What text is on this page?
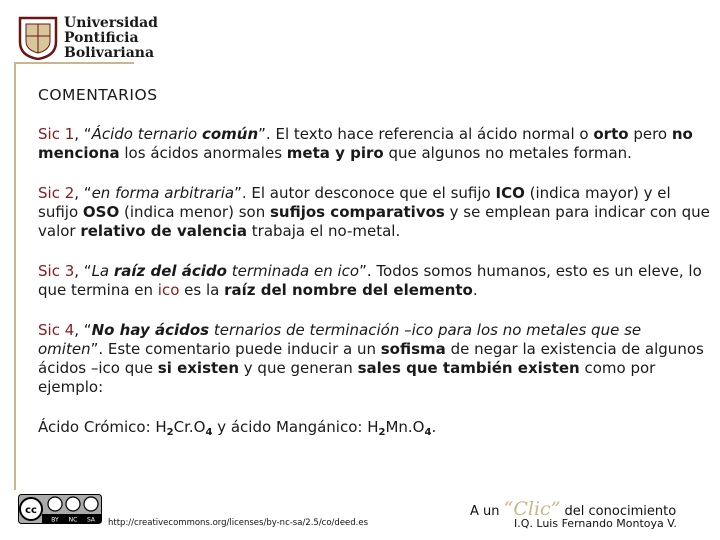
Universidad
Pontificia
Bolivariana
COMENTARIOS

Sic 1, “Ácido ternario común”. El texto hace referencia al ácido normal o orto pero no menciona los ácidos anormales meta y piro que algunos no metales forman.

Sic 2, “en forma arbitraria”. El autor desconoce que el sufijo ICO (indica mayor) y el sufijo OSO (indica menor) son sufijos comparativos y se emplean para indicar con que valor relativo de valencia trabaja el no-metal.

Sic 3, “La raíz del ácido terminada en ico”. Todos somos humanos, esto es un eleve, lo que termina en ico es la raíz del nombre del elemento.

Sic 4, “No hay ácidos ternarios de terminación –ico para los no metales que se omiten”. Este comentario puede inducir a un sofisma de negar la existencia de algunos ácidos –ico que si existen y que generan sales que también existen como por ejemplo:

Ácido Crómico: $H_2Cr.O_4$ y ácido Mangánico: $H_2Mn.O_4$.

cc
BY NC SA http://creativecommons.org/licenses/by-nc-sa/2.5/co/deed.es
A un “Clic” del conocimiento
I.Q. Luis Fernando Montoya V.
